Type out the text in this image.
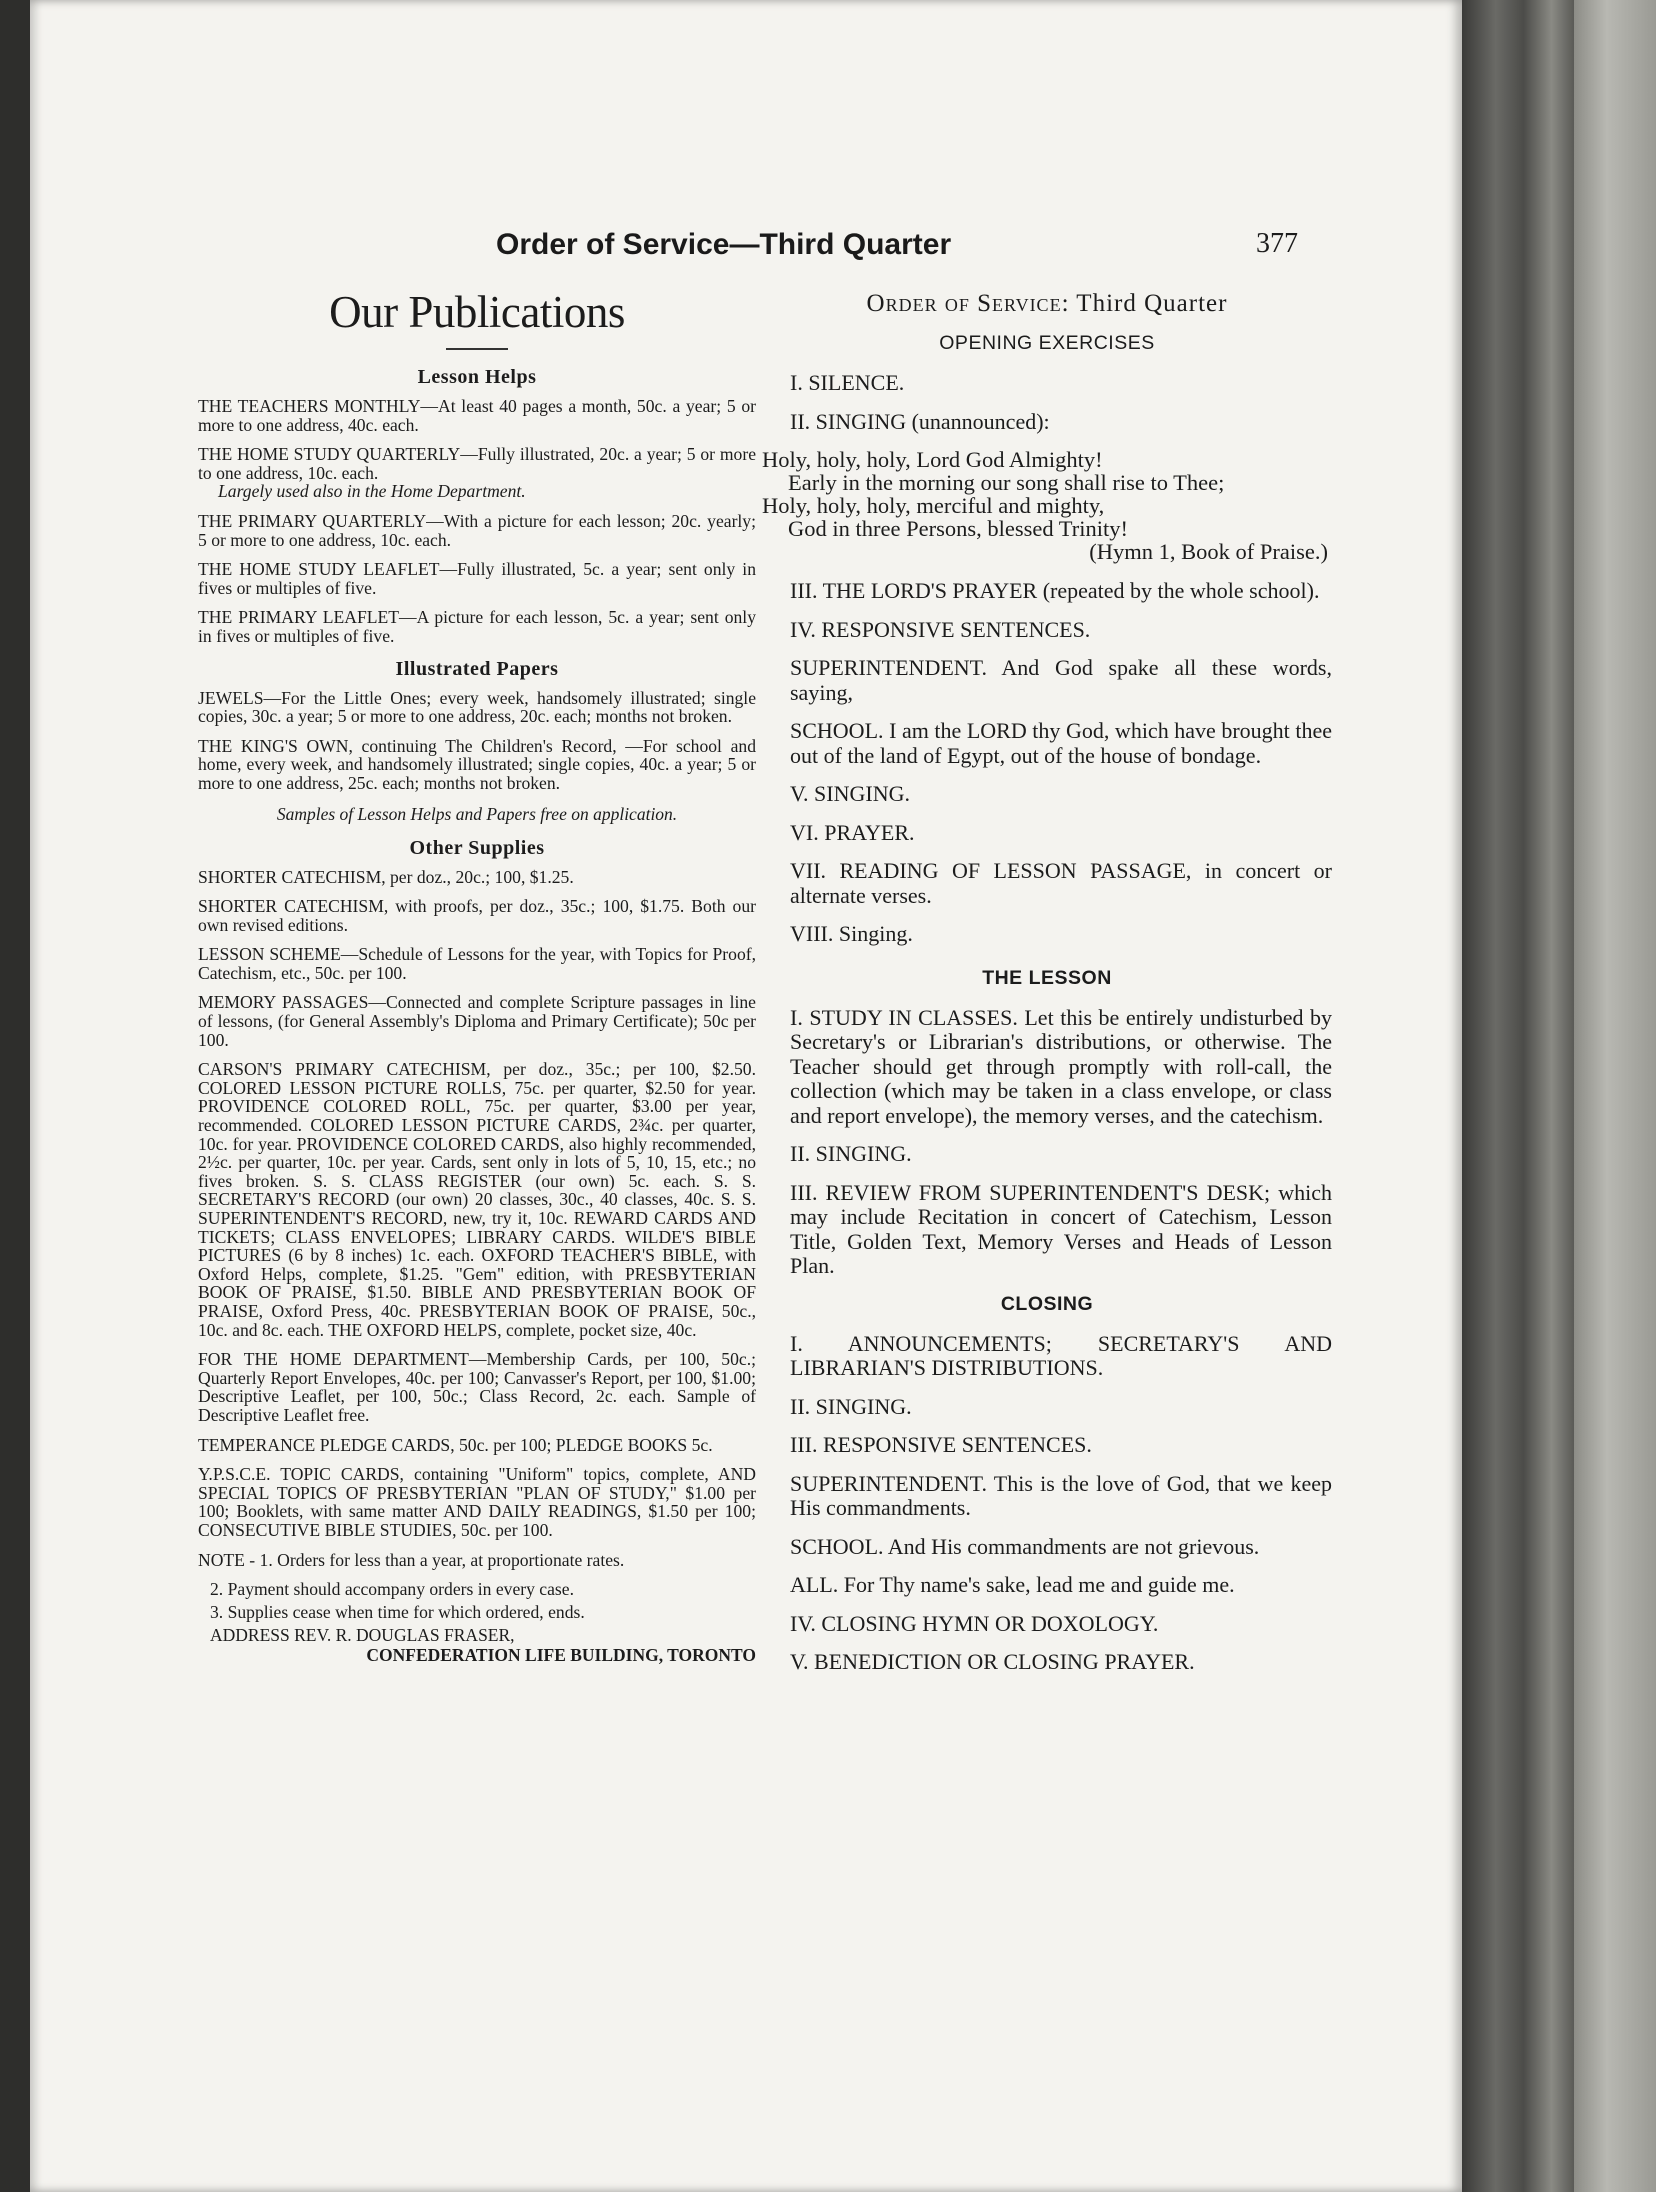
Order of Service—Third Quarter	377
Our Publications
Lesson Helps

THE TEACHERS MONTHLY—At least 40 pages a month, 50c. a year; 5 or more to one address, 40c. each.

THE HOME STUDY QUARTERLY—Fully illustrated, 20c. a year; 5 or more to one address, 10c. each.

Largely used also in the Home Department.

THE PRIMARY QUARTERLY—With a picture for each lesson; 20c. yearly; 5 or more to one address, 10c. each.

THE HOME STUDY LEAFLET—Fully illustrated, 5c. a year; sent only in fives or multiples of five.

THE PRIMARY LEAFLET—A picture for each lesson, 5c. a year; sent only in fives or multiples of five.

Illustrated Papers

JEWELS—For the Little Ones; every week, handsomely illustrated; single copies, 30c. a year; 5 or more to one address, 20c. each; months not broken.

THE KING'S OWN, continuing The Children's Record, —For school and home, every week, and handsomely illustrated; single copies, 40c. a year; 5 or more to one address, 25c. each; months not broken.

Samples of Lesson Helps and Papers free on application.

Other Supplies

SHORTER CATECHISM, per doz., 20c.; 100, $1.25.

SHORTER CATECHISM, with proofs, per doz., 35c.; 100, $1.75. Both our own revised editions.

LESSON SCHEME—Schedule of Lessons for the year, with Topics for Proof, Catechism, etc., 50c. per 100.

MEMORY PASSAGES—Connected and complete Scripture passages in line of lessons, (for General Assembly's Diploma and Primary Certificate); 50c per 100.

CARSON'S PRIMARY CATECHISM, per doz., 35c.; per 100, $2.50. COLORED LESSON PICTURE ROLLS, 75c. per quarter, $2.50 for year. PROVIDENCE COLORED ROLL, 75c. per quarter, $3.00 per year, recommended. COLORED LESSON PICTURE CARDS, 2¾c. per quarter, 10c. for year. PROVIDENCE COLORED CARDS, also highly recommended, 2½c. per quarter, 10c. per year. Cards, sent only in lots of 5, 10, 15, etc.; no fives broken. S. S. CLASS REGISTER (our own) 5c. each. S. S. SECRETARY'S RECORD (our own) 20 classes, 30c., 40 classes, 40c. S. S. SUPERINTENDENT'S RECORD, new, try it, 10c. REWARD CARDS AND TICKETS; CLASS ENVELOPES; LIBRARY CARDS. WILDE'S BIBLE PICTURES (6 by 8 inches) 1c. each. OXFORD TEACHER'S BIBLE, with Oxford Helps, complete, $1.25. "Gem" edition, with PRESBYTERIAN BOOK OF PRAISE, $1.50. BIBLE AND PRESBYTERIAN BOOK OF PRAISE, Oxford Press, 40c. PRESBYTERIAN BOOK OF PRAISE, 50c., 10c. and 8c. each. THE OXFORD HELPS, complete, pocket size, 40c.

FOR THE HOME DEPARTMENT—Membership Cards, per 100, 50c.; Quarterly Report Envelopes, 40c. per 100; Canvasser's Report, per 100, $1.00; Descriptive Leaflet, per 100, 50c.; Class Record, 2c. each. Sample of Descriptive Leaflet free.

TEMPERANCE PLEDGE CARDS, 50c. per 100; PLEDGE BOOKS 5c.

Y.P.S.C.E. TOPIC CARDS, containing "Uniform" topics, complete, AND SPECIAL TOPICS OF PRESBYTERIAN "PLAN OF STUDY," $1.00 per 100; Booklets, with same matter AND DAILY READINGS, $1.50 per 100; CONSECUTIVE BIBLE STUDIES, 50c. per 100.

NOTE - 1. Orders for less than a year, at proportionate rates.

2. Payment should accompany orders in every case.

3. Supplies cease when time for which ordered, ends.

ADDRESS REV. R. DOUGLAS FRASER,
CONFEDERATION LIFE BUILDING, TORONTO
Order of Service: Third Quarter
OPENING EXERCISES

I. SILENCE.

II. SINGING (unannounced):

Holy, holy, holy, Lord God Almighty!
Early in the morning our song shall rise to Thee;
Holy, holy, holy, merciful and mighty,
God in three Persons, blessed Trinity!
(Hymn 1, Book of Praise.)

III. THE LORD'S PRAYER (repeated by the whole school).

IV. RESPONSIVE SENTENCES.

SUPERINTENDENT. And God spake all these words, saying,

SCHOOL. I am the LORD thy God, which have brought thee out of the land of Egypt, out of the house of bondage.

V. SINGING.

VI. PRAYER.

VII. READING OF LESSON PASSAGE, in concert or alternate verses.

VIII. Singing.

THE LESSON

I. STUDY IN CLASSES. Let this be entirely undisturbed by Secretary's or Librarian's distributions, or otherwise. The Teacher should get through promptly with roll-call, the collection (which may be taken in a class envelope, or class and report envelope), the memory verses, and the catechism.

II. SINGING.

III. REVIEW FROM SUPERINTENDENT'S DESK; which may include Recitation in concert of Catechism, Lesson Title, Golden Text, Memory Verses and Heads of Lesson Plan.

CLOSING

I. ANNOUNCEMENTS; SECRETARY'S AND LIBRARIAN'S DISTRIBUTIONS.

II. SINGING.

III. RESPONSIVE SENTENCES.

SUPERINTENDENT. This is the love of God, that we keep His commandments.

SCHOOL. And His commandments are not grievous.

ALL. For Thy name's sake, lead me and guide me.

IV. CLOSING HYMN OR DOXOLOGY.

V. BENEDICTION OR CLOSING PRAYER.
